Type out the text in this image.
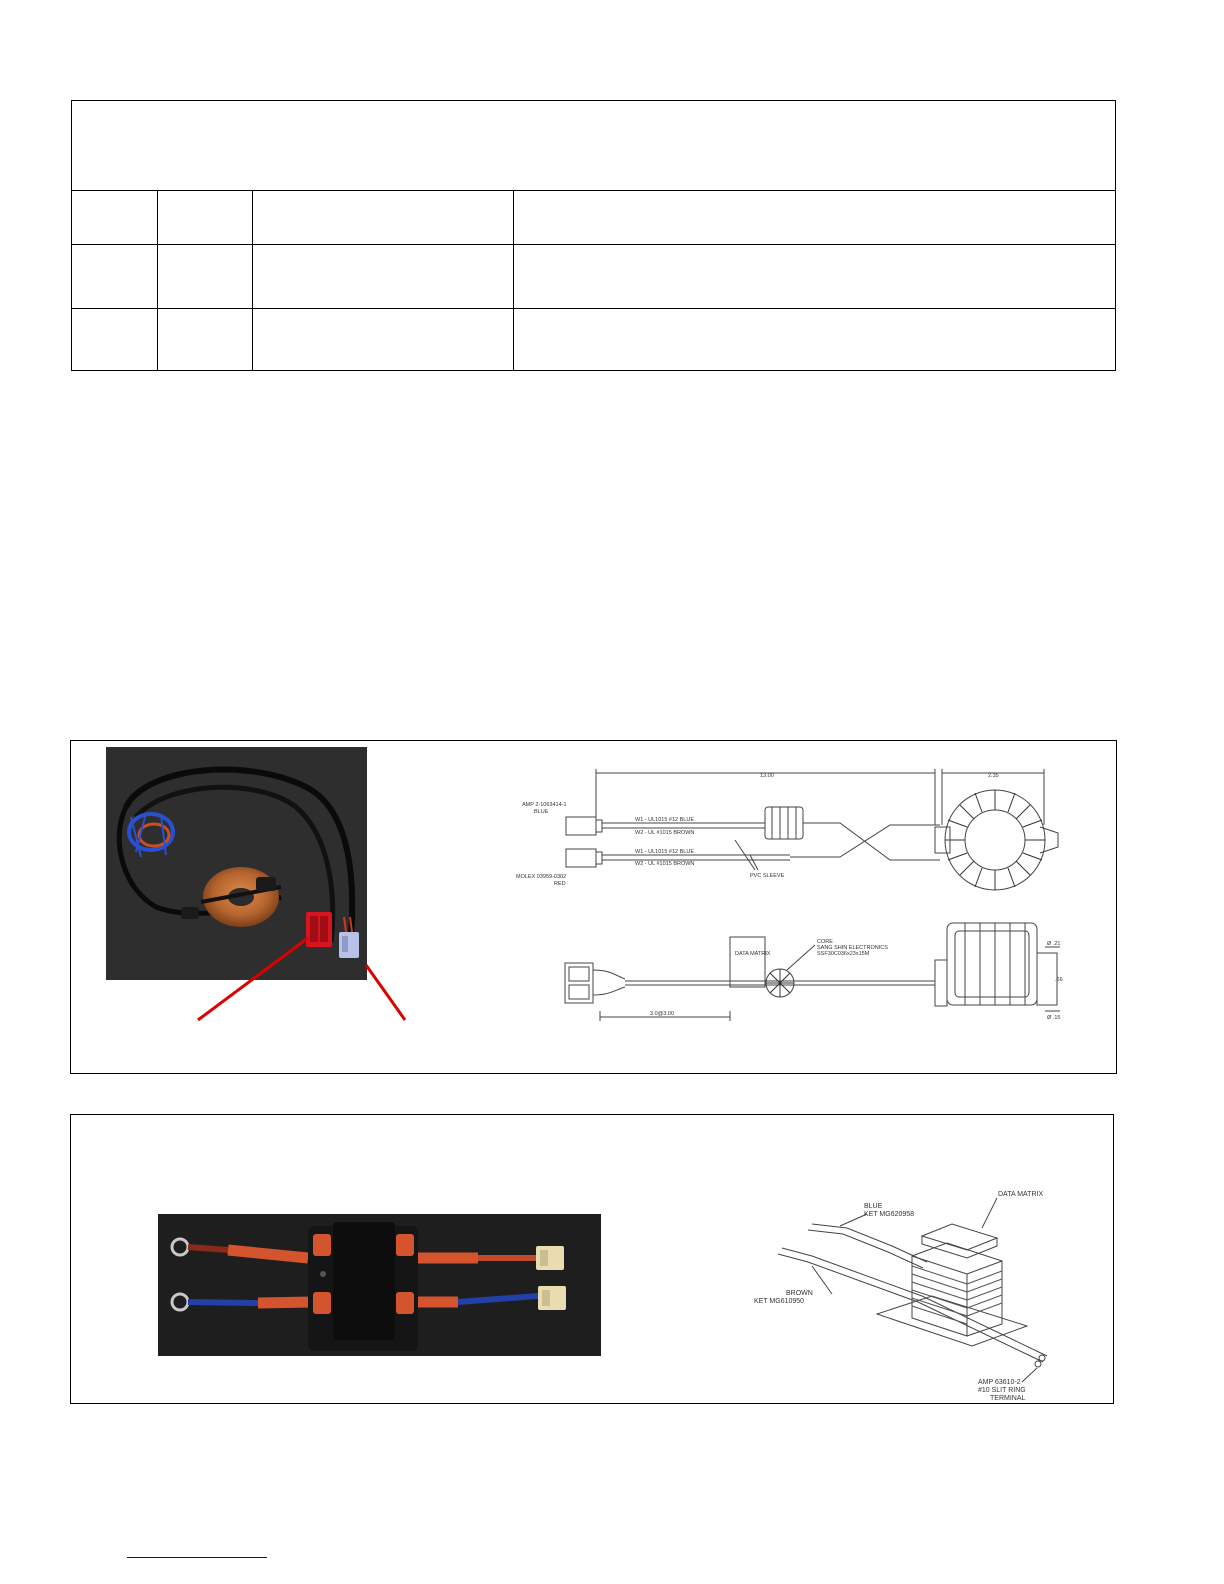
13.00	2.35
AMP 2-1063414-1
BLUE
MOLEX 03959-0302
RED
W1 - UL1015 #12 BLUE
W2 - UL #1015 BROWN
W1 - UL1015 #12 BLUE
W2 - UL #1015 BROWN
PVC SLEEVE
DATA MATRIX
CORE
SANG SHIN ELECTRONICS
SSF30C036x23x15M
Ø .21
.66
Ø .15
3.0@3.00
DATA MATRIX
BLUE
KET MG620958
BROWN
KET MG610950
AMP 63610-2
#10 SLIT RING
TERMINAL
